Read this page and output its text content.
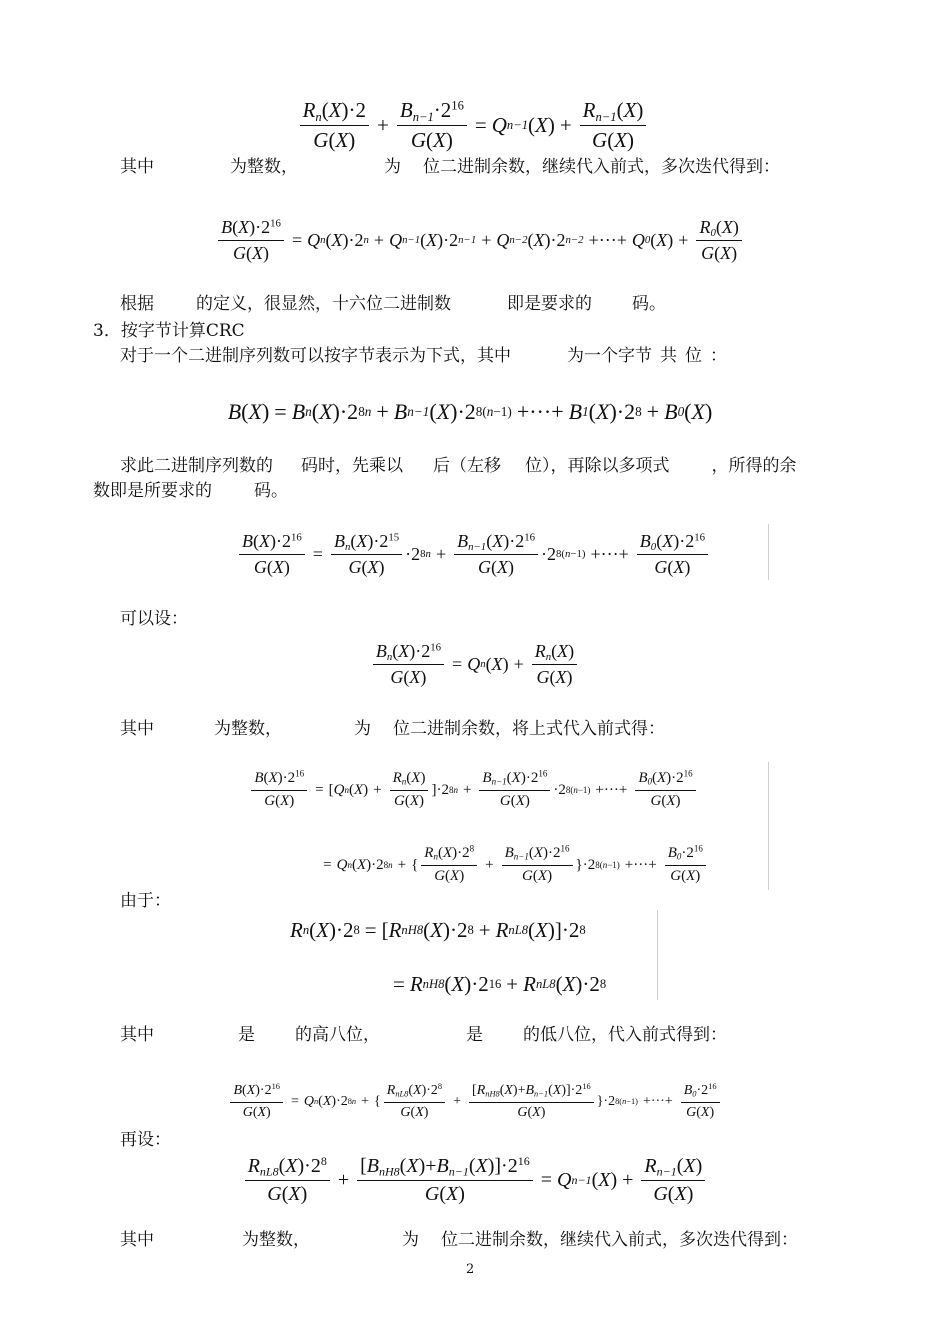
$\frac{R_n(X)\cdot 2}{G(X)} + \frac{B_{n-1}\cdot 2^{16}}{G(X)} = Q$ n−1 ( X ) + $\frac{R_{n-1}(X)}{G(X)}$
其中	为整数，	为 位二进制余数，继续代入前式，多次迭代得到：
$\frac{B(X)\cdot 2^{16}}{G(X)} = Q$ n ( X )·2 n + Q n−1 ( X )·2 n−1 + Q n−2 ( X )·2 n−2 +···+ Q 0 ( X ) + $\frac{R_0(X)}{G(X)}$
根据 的定义，很显然，十六位二进制数	即是要求的 码。
3．按字节计算CRC
对于一个二进制序列数可以按字节表示为下式，其中	为一个字节 共 位 ：
B ( X ) = B n ( X )·2 8n + B n−1 ( X )·2 8(n−1) +···+ B 1 ( X )·2 8 + B 0 ( X )
求此二进制序列数的 码时，先乘以 后（左移 位），再除以多项式 ，所得的余
数即是所要求的 码。
$\frac{B(X)\cdot 2^{16}}{G(X)} = \frac{B_n(X)\cdot 2^{15}}{G(X)} \cdot 2$ $8n + \frac{B_{n-1}(X)\cdot 2^{16}}{G(X)} \cdot 2$ 8(n−1) +···+ $\frac{B_0(X)\cdot 2^{16}}{G(X)}$
可以设：
$\frac{B_n(X)\cdot 2^{16}}{G(X)} = Q$ n ( X ) + $\frac{R_n(X)}{G(X)}$
其中	为整数，	为 位二进制余数，将上式代入前式得：
$\frac{B(X)\cdot 2^{16}}{G(X)}$ = [ Q n ( X ) + $\frac{R_n(X)}{G(X)} ]\cdot 2$ $8n + \frac{B_{n-1}(X)\cdot 2^{16}}{G(X)} \cdot 2$ 8(n−1) +···+ $\frac{B_0(X)\cdot 2^{16}}{G(X)}$
= Q n ( X )·2 8n + { $\frac{R_n(X)\cdot 2^8}{G(X)} + \frac{B_{n-1}(X)\cdot 2^{16}}{G(X)} \}\cdot 2$ 8(n−1) +···+ $\frac{B_0\cdot 2^{16}}{G(X)}$
由于：
R n ( X )·2 8 = [ R nH8 ( X )·2 8 + R nL8 ( X )]·2 8
= R nH8 ( X )·2 16 + R nL8 ( X )·2 8
其中	是 的高八位，	是 的低八位，代入前式得到：
$\frac{B(X)\cdot 2^{16}}{G(X)} = Q$ n ( X )·2 8n + { $\frac{R_{nL8}(X)\cdot 2^8}{G(X)} + \frac{[R_{nH8}(X)+B_{n-1}(X)]\cdot 2^{16}}{G(X)} \}\cdot 2$ 8(n−1) +···+ $\frac{B_0\cdot 2^{16}}{G(X)}$
再设：
$\frac{R_{nL8}(X)\cdot 2^8}{G(X)} + \frac{[B_{nH8}(X)+B_{n-1}(X)]\cdot 2^{16}}{G(X)} = Q$ n−1 ( X ) + $\frac{R_{n-1}(X)}{G(X)}$
其中	为整数，	为 位二进制余数，继续代入前式，多次迭代得到：
2
